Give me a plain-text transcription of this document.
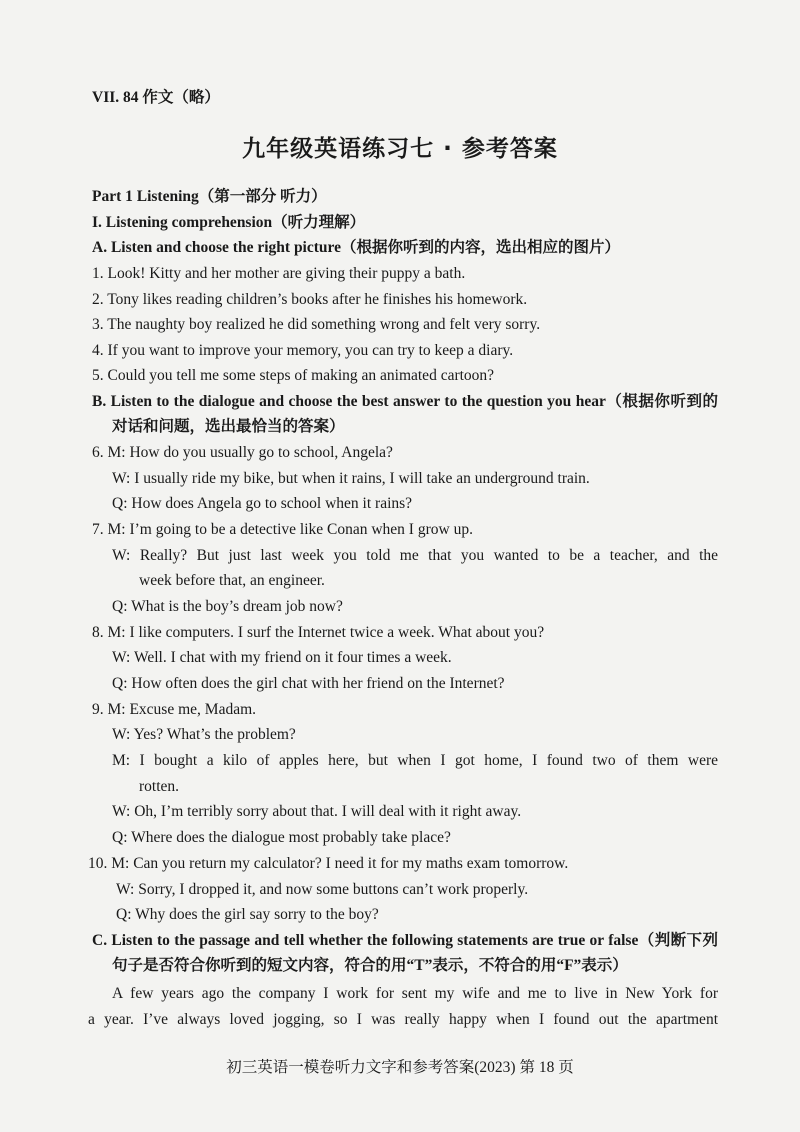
VII. 84 作文（略）
九年级英语练习七 · 参考答案
Part 1 Listening（第一部分 听力）
I. Listening comprehension（听力理解）
A. Listen and choose the right picture（根据你听到的内容，选出相应的图片）
1. Look! Kitty and her mother are giving their puppy a bath.
2. Tony likes reading children’s books after he finishes his homework.
3. The naughty boy realized he did something wrong and felt very sorry.
4. If you want to improve your memory, you can try to keep a diary.
5. Could you tell me some steps of making an animated cartoon?
B. Listen to the dialogue and choose the best answer to the question you hear（根据你听到的
对话和问题，选出最恰当的答案）
6. M: How do you usually go to school, Angela?
W: I usually ride my bike, but when it rains, I will take an underground train.
Q: How does Angela go to school when it rains?
7. M: I’m going to be a detective like Conan when I grow up.
W: Really? But just last week you told me that you wanted to be a teacher, and the
week before that, an engineer.
Q: What is the boy’s dream job now?
8. M: I like computers. I surf the Internet twice a week. What about you?
W: Well. I chat with my friend on it four times a week.
Q: How often does the girl chat with her friend on the Internet?
9. M: Excuse me, Madam.
W: Yes? What’s the problem?
M: I bought a kilo of apples here, but when I got home, I found two of them were
rotten.
W: Oh, I’m terribly sorry about that. I will deal with it right away.
Q: Where does the dialogue most probably take place?
10. M: Can you return my calculator? I need it for my maths exam tomorrow.
W: Sorry, I dropped it, and now some buttons can’t work properly.
Q: Why does the girl say sorry to the boy?
C. Listen to the passage and tell whether the following statements are true or false（判断下列
句子是否符合你听到的短文内容，符合的用“T”表示，不符合的用“F”表示）
A few years ago the company I work for sent my wife and me to live in New York for
a year. I’ve always loved jogging, so I was really happy when I found out the apartment
初三英语一模卷听力文字和参考答案(2023) 第 18 页
